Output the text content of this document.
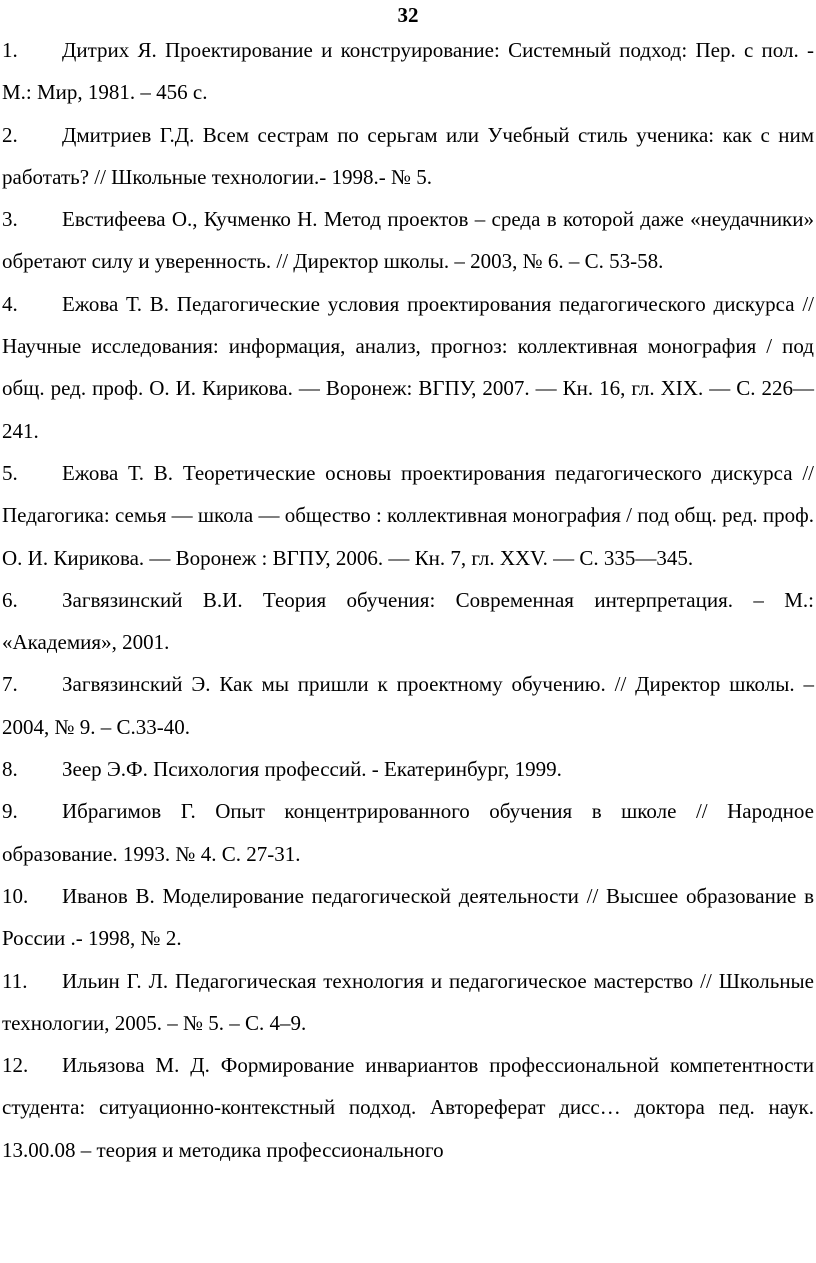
32

1. Дитрих Я. Проектирование и конструирование: Системный подход: Пер. с пол. - М.: Мир, 1981. – 456 с.

2. Дмитриев Г.Д. Всем сестрам по серьгам или Учебный стиль ученика: как с ним работать? // Школьные технологии.- 1998.- № 5.

3. Евстифеева О., Кучменко Н. Метод проектов – среда в которой даже «неудачники» обретают силу и уверенность. // Директор школы. – 2003, № 6. – С. 53-58.

4. Ежова Т. В. Педагогические условия проектирования педагогического дискурса // Научные исследования: информация, анализ, прогноз: коллективная монография / под общ. ред. проф. О. И. Кирикова. — Воронеж: ВГПУ, 2007. — Кн. 16, гл. XIX. — С. 226—241.

5. Ежова Т. В. Теоретические основы проектирования педагогического дискурса // Педагогика: семья — школа — общество : коллективная монография / под общ. ред. проф. О. И. Кирикова. — Воронеж : ВГПУ, 2006. — Кн. 7, гл. XXV. — С. 335—345.

6. Загвязинский В.И. Теория обучения: Современная интерпретация. – М.: «Академия», 2001.

7. Загвязинский Э. Как мы пришли к проектному обучению. // Директор школы. – 2004, № 9. – С.33-40.

8. Зеер Э.Ф. Психология профессий. - Екатеринбург, 1999.

9. Ибрагимов Г. Опыт концентрированного обучения в школе // Народное образование. 1993. № 4. С. 27-31.

10. Иванов В. Моделирование педагогической деятельности // Высшее образование в России .- 1998, № 2.

11. Ильин Г. Л. Педагогическая технология и педагогическое мастерство // Школьные технологии, 2005. – № 5. – С. 4–9.

12. Ильязова М. Д. Формирование инвариантов профессиональной компетентности студента: ситуационно-контекстный подход. Автореферат дисс… доктора пед. наук. 13.00.08 – теория и методика профессионального
